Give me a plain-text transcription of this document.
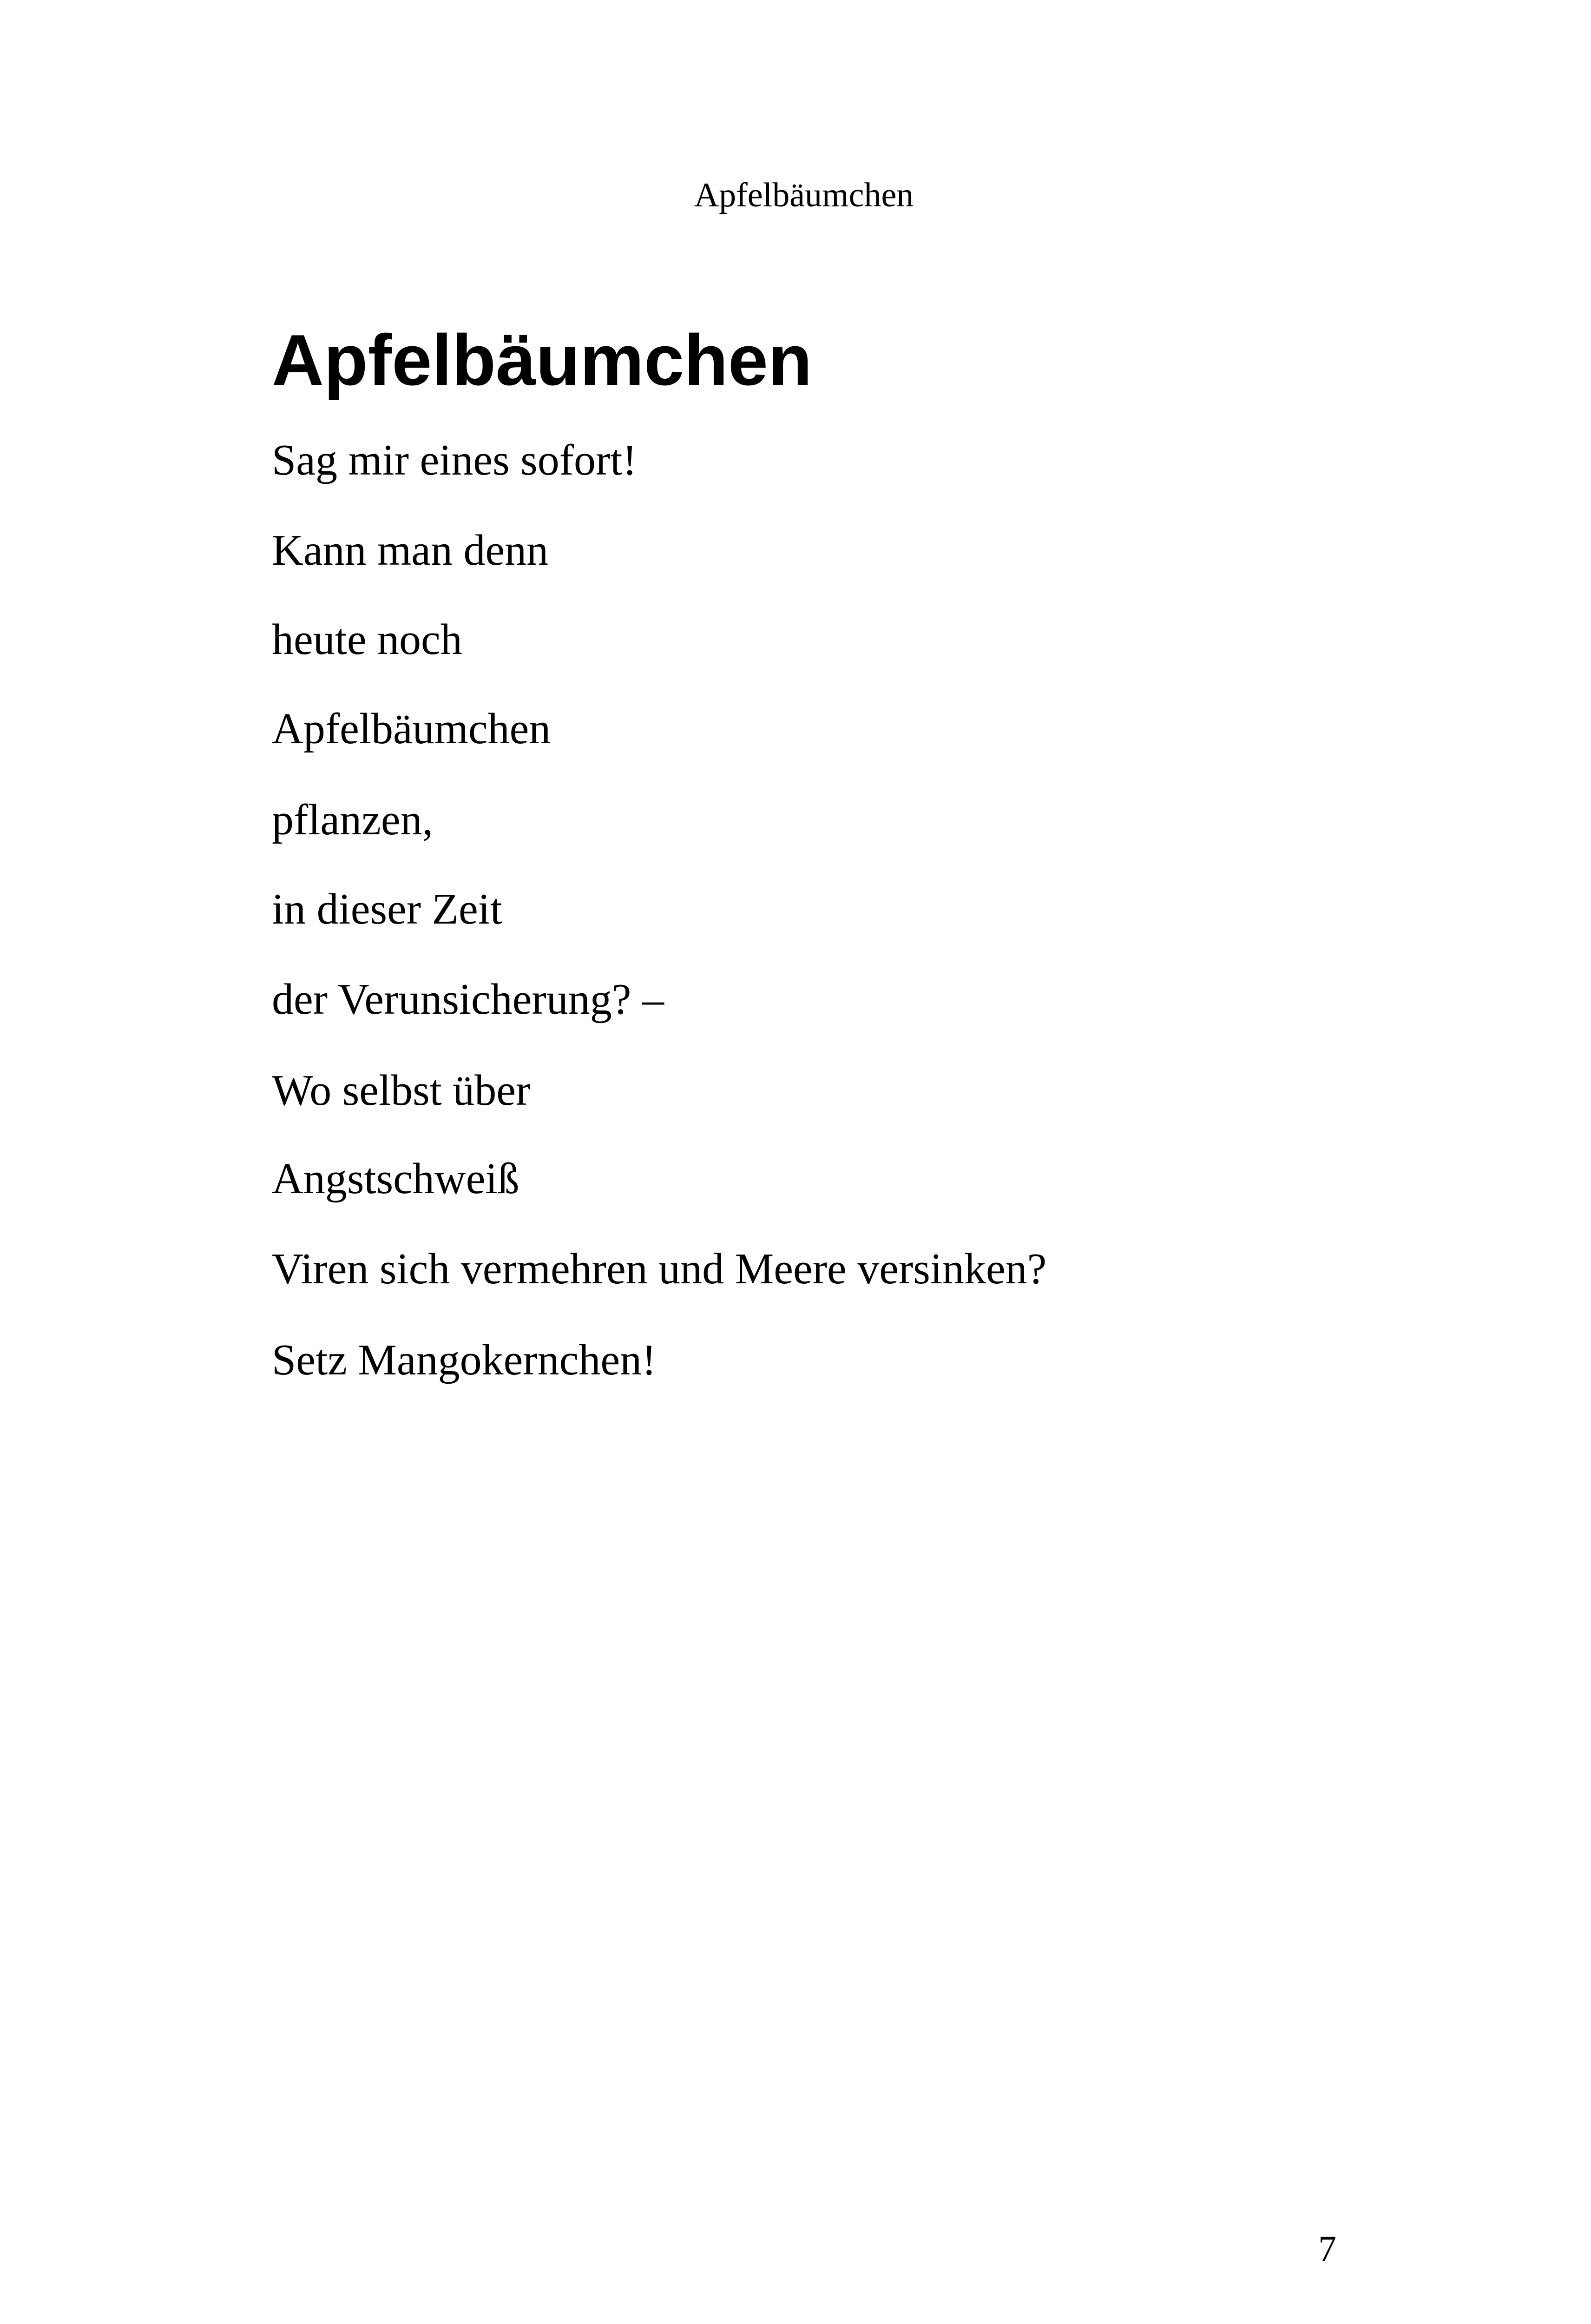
Apfelbäumchen

Apfelbäumchen
Sag mir eines sofort!
Kann man denn
heute noch
Apfelbäumchen
pflanzen,
in dieser Zeit
der Verunsicherung? –
Wo selbst über
Angstschweiß
Viren sich vermehren und Meere versinken?
Setz Mangokernchen!

7
